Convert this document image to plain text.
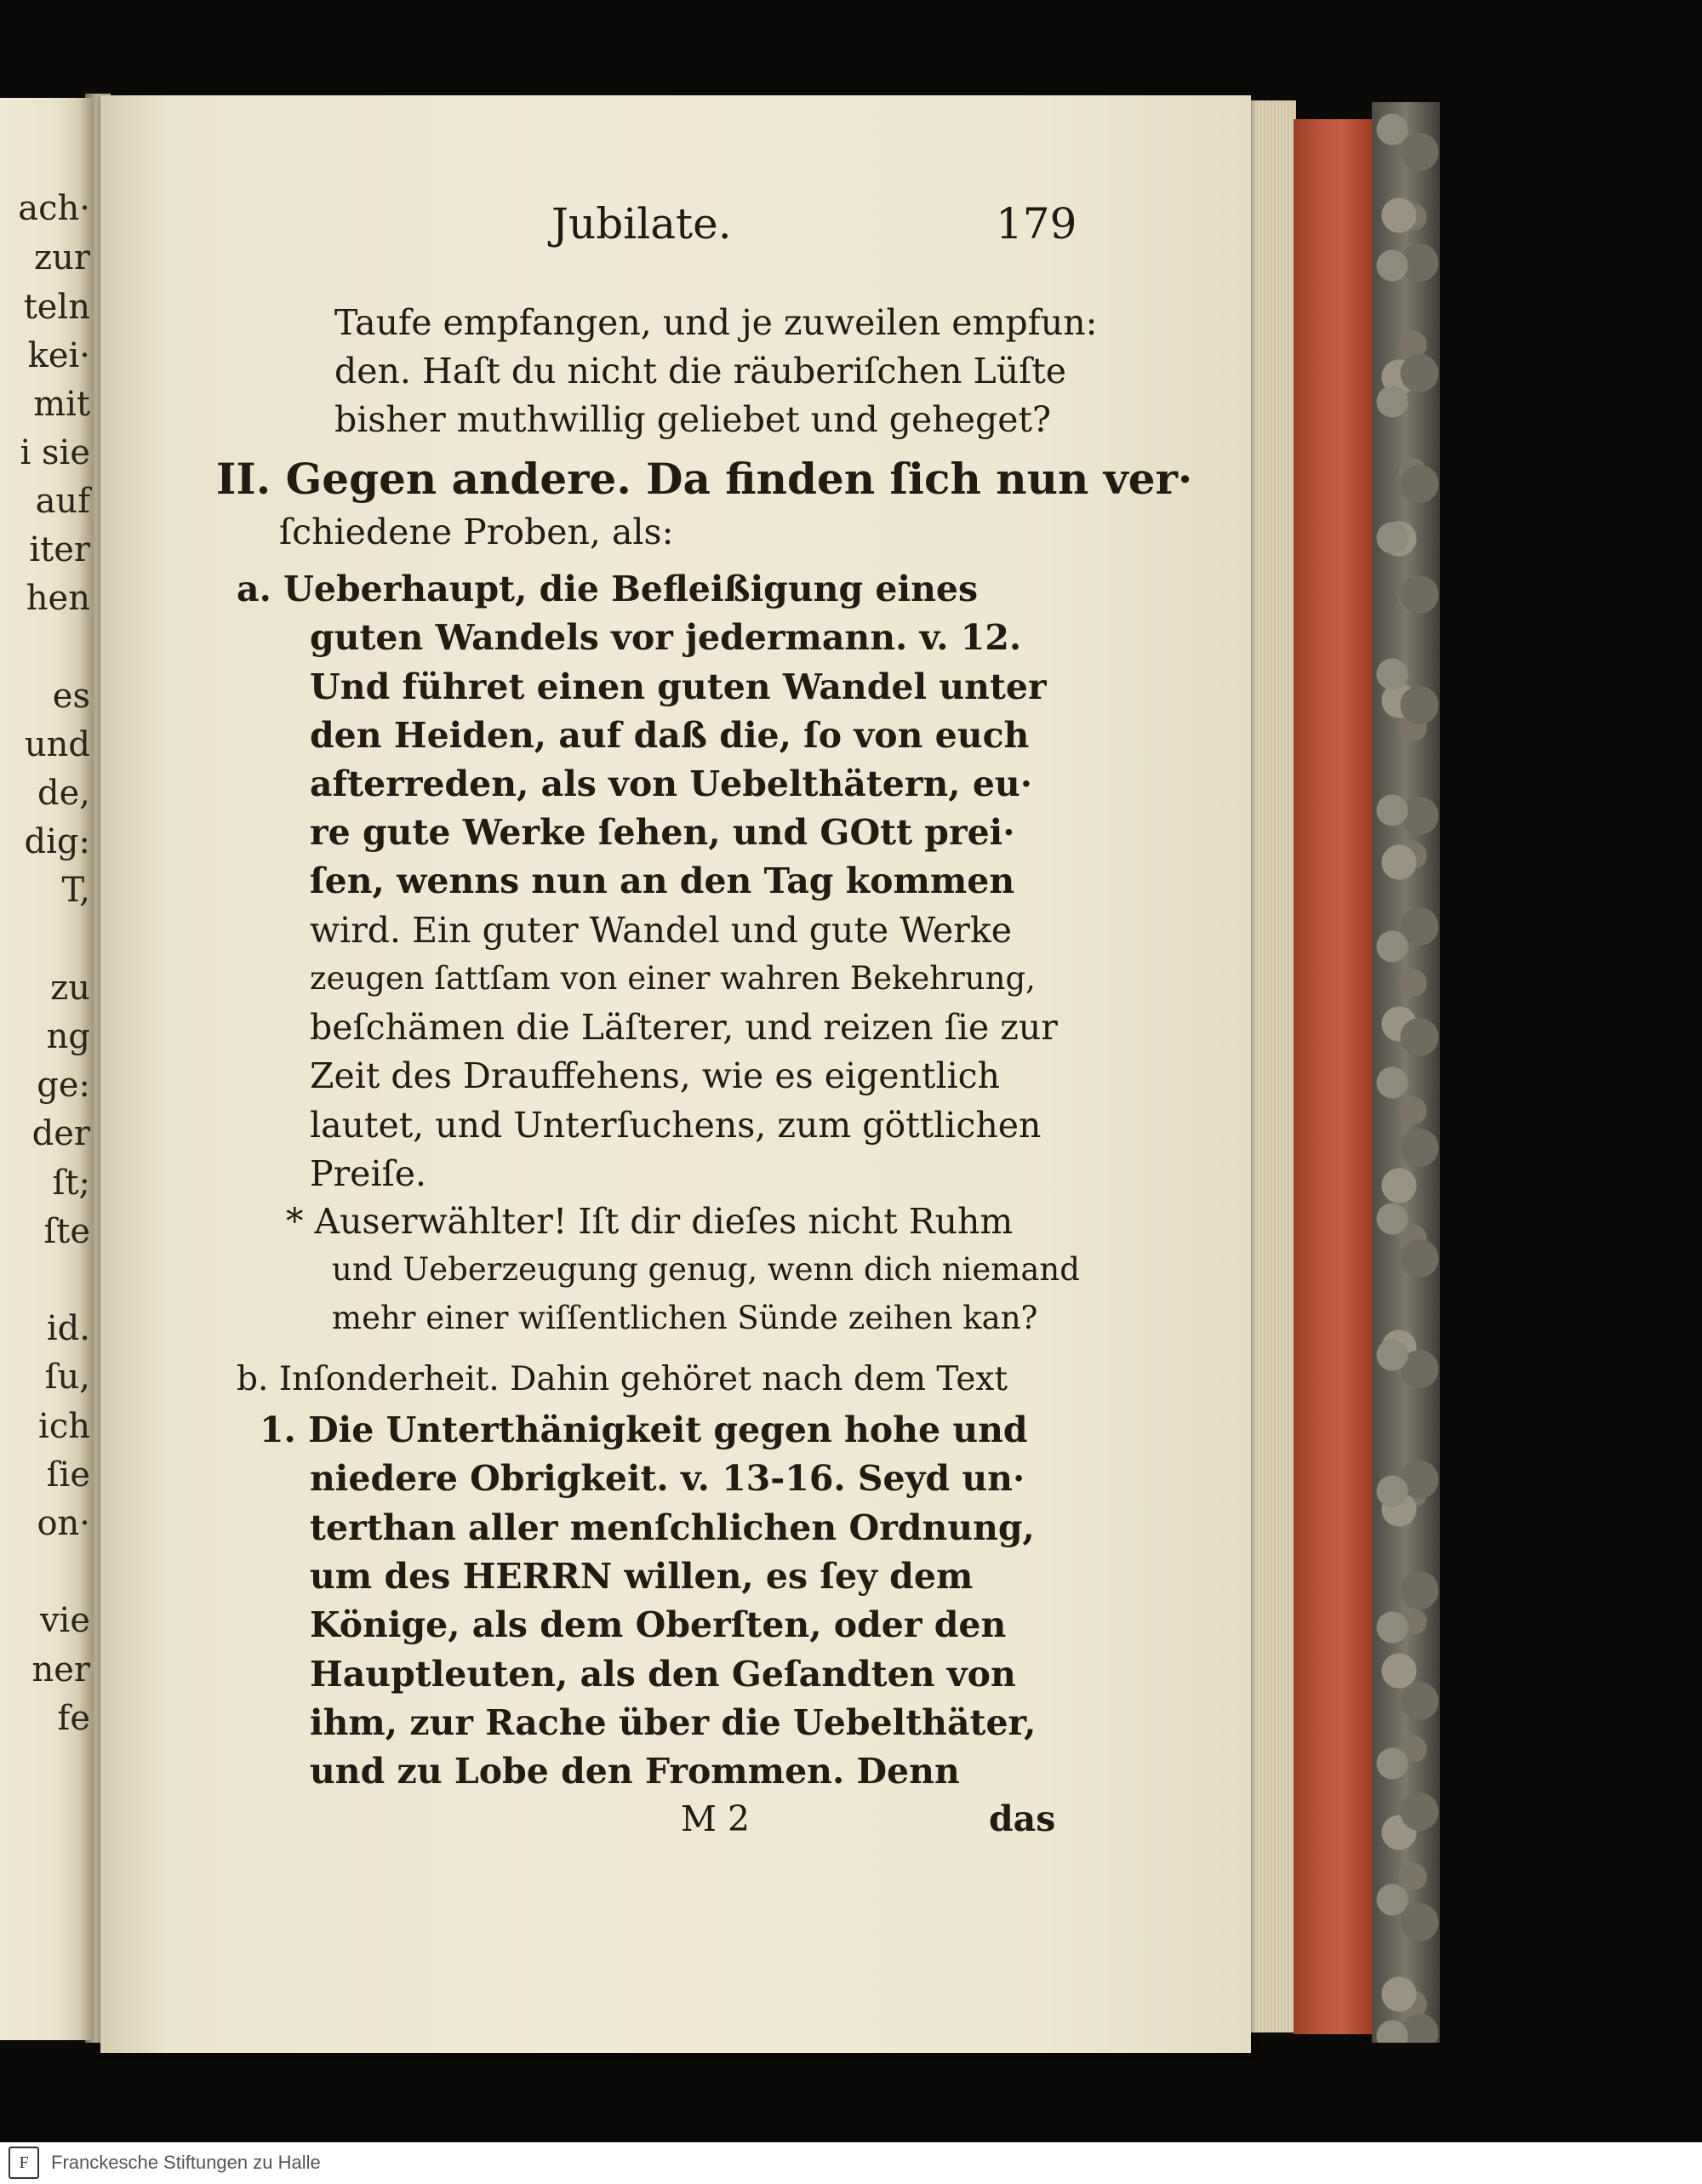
ach·
zur
teln
kei·
mit
i sie
auf
iter
hen
es
und
de,
dig:
T,
zu
ng
ge:
der
ſt;
ſte
id.
ſu,
ich
ſie
on·
vie
ner
fe
Jubilate.	179
Taufe empfangen, und je zuweilen empfun:
den. Haſt du nicht die räuberiſchen Lüſte
bisher muthwillig geliebet und geheget?
II. Gegen andere. Da finden ſich nun ver·
ſchiedene Proben, als:
a. Ueberhaupt, die Befleißigung eines
guten Wandels vor jedermann. v. 12.
Und führet einen guten Wandel unter
den Heiden, auf daß die, ſo von euch
afterreden, als von Uebelthätern, eu·
re gute Werke ſehen, und GOtt prei·
ſen, wenns nun an den Tag kommen
wird. Ein guter Wandel und gute Werke
zeugen ſattſam von einer wahren Bekehrung,
beſchämen die Läſterer, und reizen ſie zur
Zeit des Drauffehens, wie es eigentlich
lautet, und Unterſuchens, zum göttlichen
Preiſe.
* Auserwählter! Iſt dir dieſes nicht Ruhm
und Ueberzeugung genug, wenn dich niemand
mehr einer wiſſentlichen Sünde zeihen kan?
b. Inſonderheit. Dahin gehöret nach dem Text
1. Die Unterthänigkeit gegen hohe und
niedere Obrigkeit. v. 13-16. Seyd un·
terthan aller menſchlichen Ordnung,
um des HERRN willen, es ſey dem
Könige, als dem Oberſten, oder den
Hauptleuten, als den Geſandten von
ihm, zur Rache über die Uebelthäter,
und zu Lobe den Frommen. Denn
M 2	das
F	Franckesche Stiftungen zu Halle
